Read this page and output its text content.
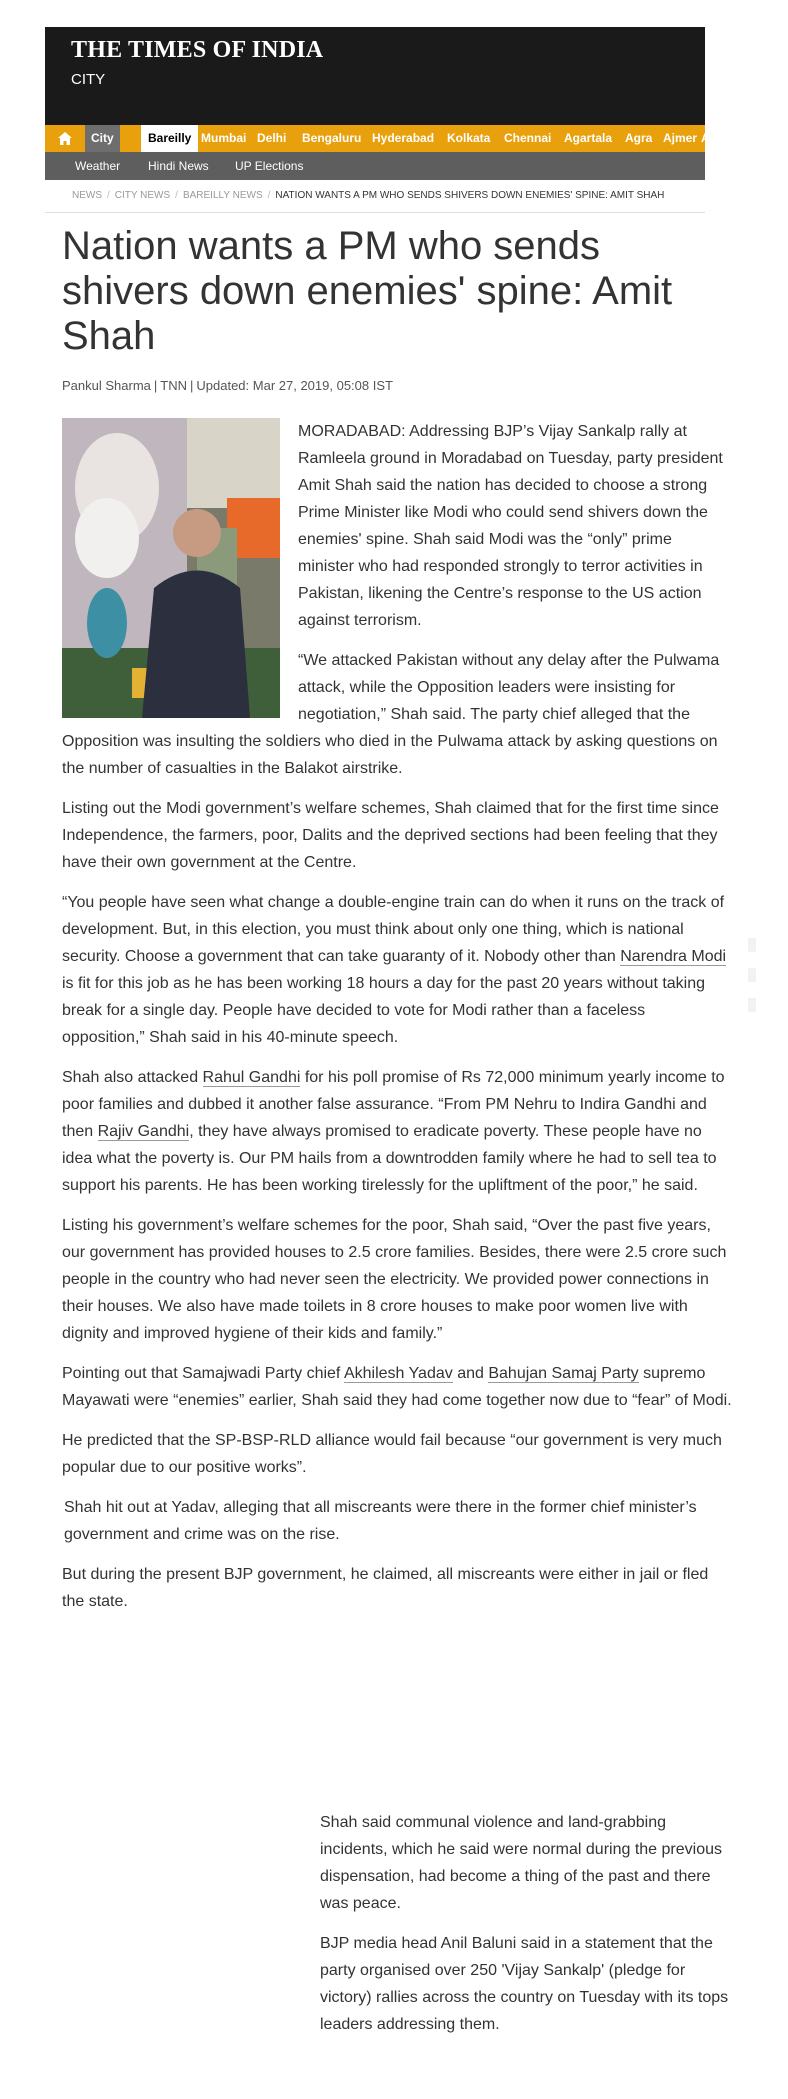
THE TIMES OF INDIA
CITY
City	Bareilly Mumbai Delhi Bengaluru Hyderabad Kolkata Chennai Agartala Agra Ajmer A
Weather Hindi News UP Elections
NEWS / CITY NEWS / BAREILLY NEWS / NATION WANTS A PM WHO SENDS SHIVERS DOWN ENEMIES' SPINE: AMIT SHAH
Nation wants a PM who sends shivers down enemies' spine: Amit Shah
Pankul Sharma | TNN | Updated: Mar 27, 2019, 05:08 IST

MORADABAD: Addressing BJP’s Vijay Sankalp rally at Ramleela ground in Moradabad on Tuesday, party president Amit Shah said the nation has decided to choose a strong Prime Minister like Modi who could send shivers down the enemies' spine. Shah said Modi was the “only” prime minister who had responded strongly to terror activities in Pakistan, likening the Centre’s response to the US action against terrorism.

“We attacked Pakistan without any delay after the Pulwama attack, while the Opposition leaders were insisting for negotiation,” Shah said. The party chief alleged that the Opposition was insulting the soldiers who died in the Pulwama attack by asking questions on the number of casualties in the Balakot airstrike.

Listing out the Modi government’s welfare schemes, Shah claimed that for the first time since Independence, the farmers, poor, Dalits and the deprived sections had been feeling that they have their own government at the Centre.

“You people have seen what change a double-engine train can do when it runs on the track of development. But, in this election, you must think about only one thing, which is national security. Choose a government that can take guaranty of it. Nobody other than Narendra Modi is fit for this job as he has been working 18 hours a day for the past 20 years without taking break for a single day. People have decided to vote for Modi rather than a faceless opposition,” Shah said in his 40-minute speech.

Shah also attacked Rahul Gandhi for his poll promise of Rs 72,000 minimum yearly income to poor families and dubbed it another false assurance. “From PM Nehru to Indira Gandhi and then Rajiv Gandhi, they have always promised to eradicate poverty. These people have no idea what the poverty is. Our PM hails from a downtrodden family where he had to sell tea to support his parents. He has been working tirelessly for the upliftment of the poor,” he said.

Listing his government’s welfare schemes for the poor, Shah said, “Over the past five years, our government has provided houses to 2.5 crore families. Besides, there were 2.5 crore such people in the country who had never seen the electricity. We provided power connections in their houses. We also have made toilets in 8 crore houses to make poor women live with dignity and improved hygiene of their kids and family.”

Pointing out that Samajwadi Party chief Akhilesh Yadav and Bahujan Samaj Party supremo Mayawati were “enemies” earlier, Shah said they had come together now due to “fear” of Modi.

He predicted that the SP-BSP-RLD alliance would fail because “our government is very much popular due to our positive works”.

Shah hit out at Yadav, alleging that all miscreants were there in the former chief minister’s government and crime was on the rise.

But during the present BJP government, he claimed, all miscreants were either in jail or fled the state.

Shah said communal violence and land-grabbing incidents, which he said were normal during the previous dispensation, had become a thing of the past and there was peace.

BJP media head Anil Baluni said in a statement that the party organised over 250 'Vijay Sankalp' (pledge for victory) rallies across the country on Tuesday with its tops leaders addressing them.
